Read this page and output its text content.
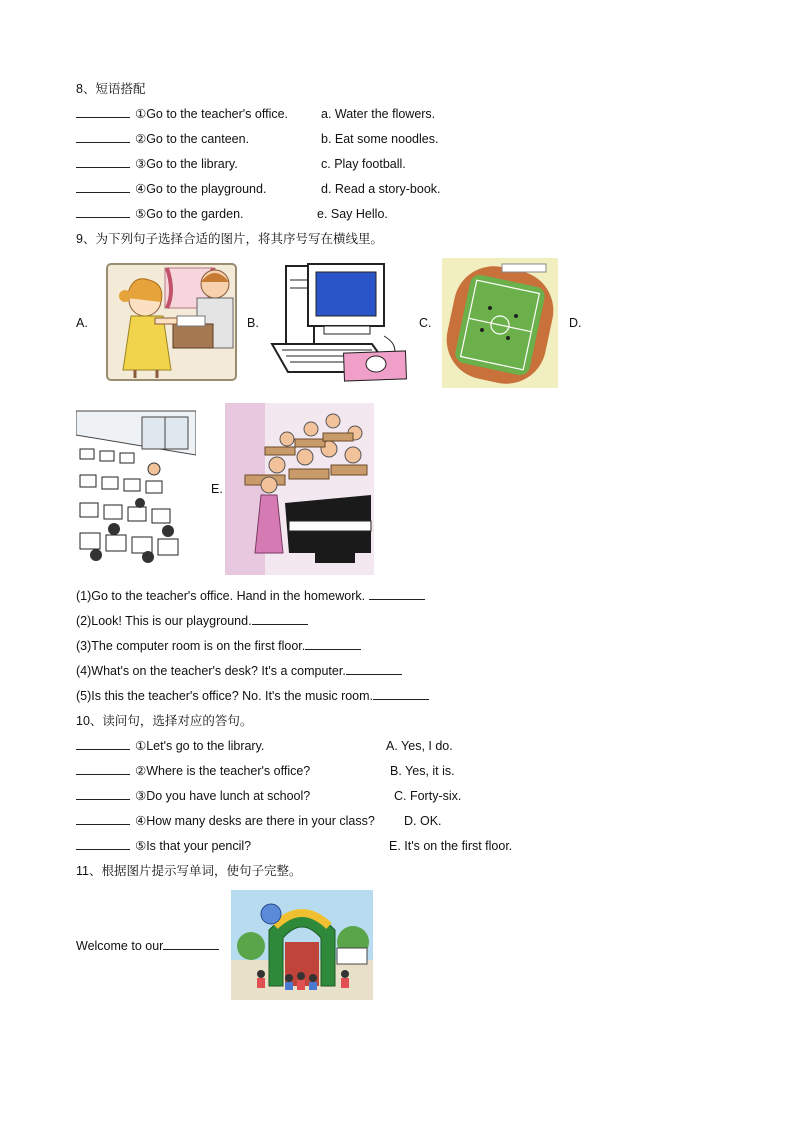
8、短语搭配
①Go to the teacher's office.	a. Water the flowers.
②Go to the canteen.	b. Eat some noodles.
③Go to the library.	c. Play football.
④Go to the playground.	d. Read a story-book.
⑤Go to the garden.	e. Say Hello.
9、为下列句子选择合适的图片，将其序号写在横线里。
A.	B.	C.	D.
E.
(1)Go to the teacher's office. Hand in the homework.
(2)Look! This is our playground.
(3)The computer room is on the first floor.
(4)What's on the teacher's desk? It's a computer.
(5)Is this the teacher's office? No. It's the music room.
10、读问句，选择对应的答句。
①Let's go to the library.	A. Yes, I do.
②Where is the teacher's office?	B. Yes, it is.
③Do you have lunch at school?	C. Forty-six.
④How many desks are there in your class? D. OK.
⑤Is that your pencil?	E. It's on the first floor.
11、根据图片提示写单词，使句子完整。
Welcome to our
